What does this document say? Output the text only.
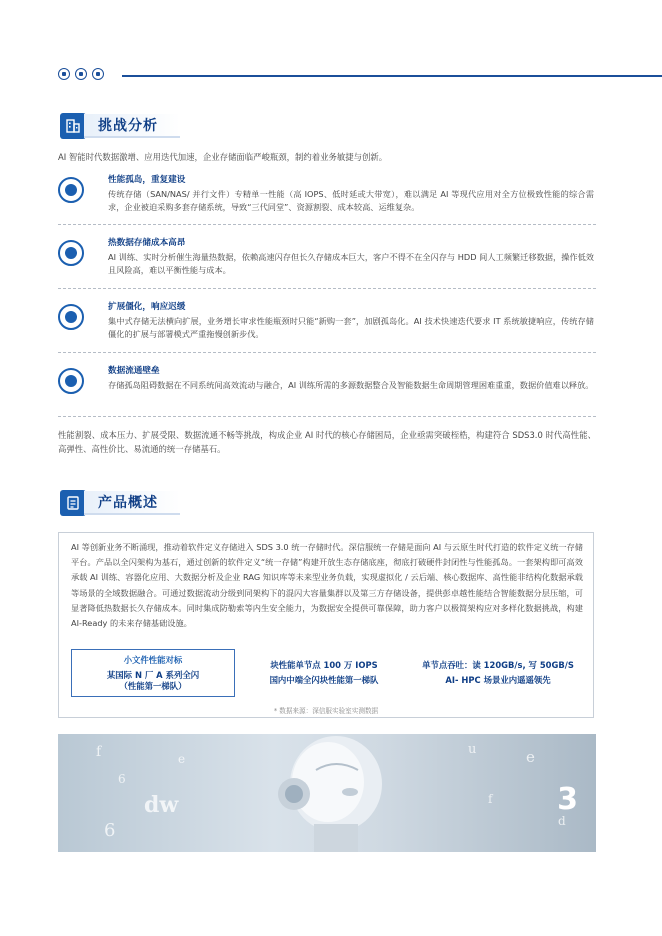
挑战分析
AI 智能时代数据激增、应用迭代加速，企业存储面临严峻瓶颈，制约着业务敏捷与创新。
性能孤岛，重复建设
传统存储（SAN/NAS/ 并行文件）专精单一性能（高 IOPS、低时延或大带宽），难以满足 AI 等现代应用对全方位极致性能的综合需求，企业被迫采购多套存储系统，导致“三代同堂”、资源割裂、成本较高、运维复杂。
热数据存储成本高昂
AI 训练、实时分析催生海量热数据，依赖高速闪存但长久存储成本巨大，客户不得不在全闪存与 HDD 间人工频繁迁移数据，操作低效且风险高，难以平衡性能与成本。
扩展僵化，响应迟缓
集中式存储无法横向扩展，业务增长审求性能瓶颈时只能“新购一套”，加剧孤岛化。AI 技术快速迭代要求 IT 系统敏捷响应，传统存储僵化的扩展与部署模式严重拖慢创新步伐。
数据流通壁垒
存储孤岛阻碍数据在不同系统间高效流动与融合，AI 训练所需的多源数据整合及智能数据生命周期管理困难重重，数据价值难以释放。
性能割裂、成本压力、扩展受限、数据流通不畅等挑战，构成企业 AI 时代的核心存储困局，企业亟需突破桎梏，构建符合 SDS3.0 时代高性能、高弹性、高性价比、易流通的统一存储基石。
产品概述
AI 等创新业务不断涌现，推动着软件定义存储进入 SDS 3.0 统一存储时代。深信服统一存储是面向 AI 与云原生时代打造的软件定义统一存储平台。产品以全闪架构为基石，通过创新的软件定义“统一存储”构建开放生态存储底座，彻底打破硬件封闭性与性能孤岛。一套架构即可高效承载 AI 训练、容器化应用、大数据分析及企业 RAG 知识库等未来型业务负载，实现虚拟化 / 云后端、核心数据库、高性能非结构化数据承载等场景的全域数据融合。可通过数据流动分级到同架构下的混闪大容量集群以及第三方存储设备，提供彭卓越性能结合智能数据分层压缩，可显著降低热数据长久存储成本。同时集成防勒索等内生安全能力，为数据安全提供可靠保障，助力客户以极简架构应对多样化数据挑战，构建 AI-Ready 的未来存储基础设施。
小文件性能对标
某国际 N 厂 A 系列全闪
（性能第一梯队）
块性能单节点 100 万 IOPS
国内中端全闪块性能第一梯队
单节点吞吐：读 120GB/s, 写 50GB/S
AI- HPC 场景业内遥遥领先
* 数据来源：深信服实验室实测数据
f
6
dw
6
e
u	e
f
d
3
